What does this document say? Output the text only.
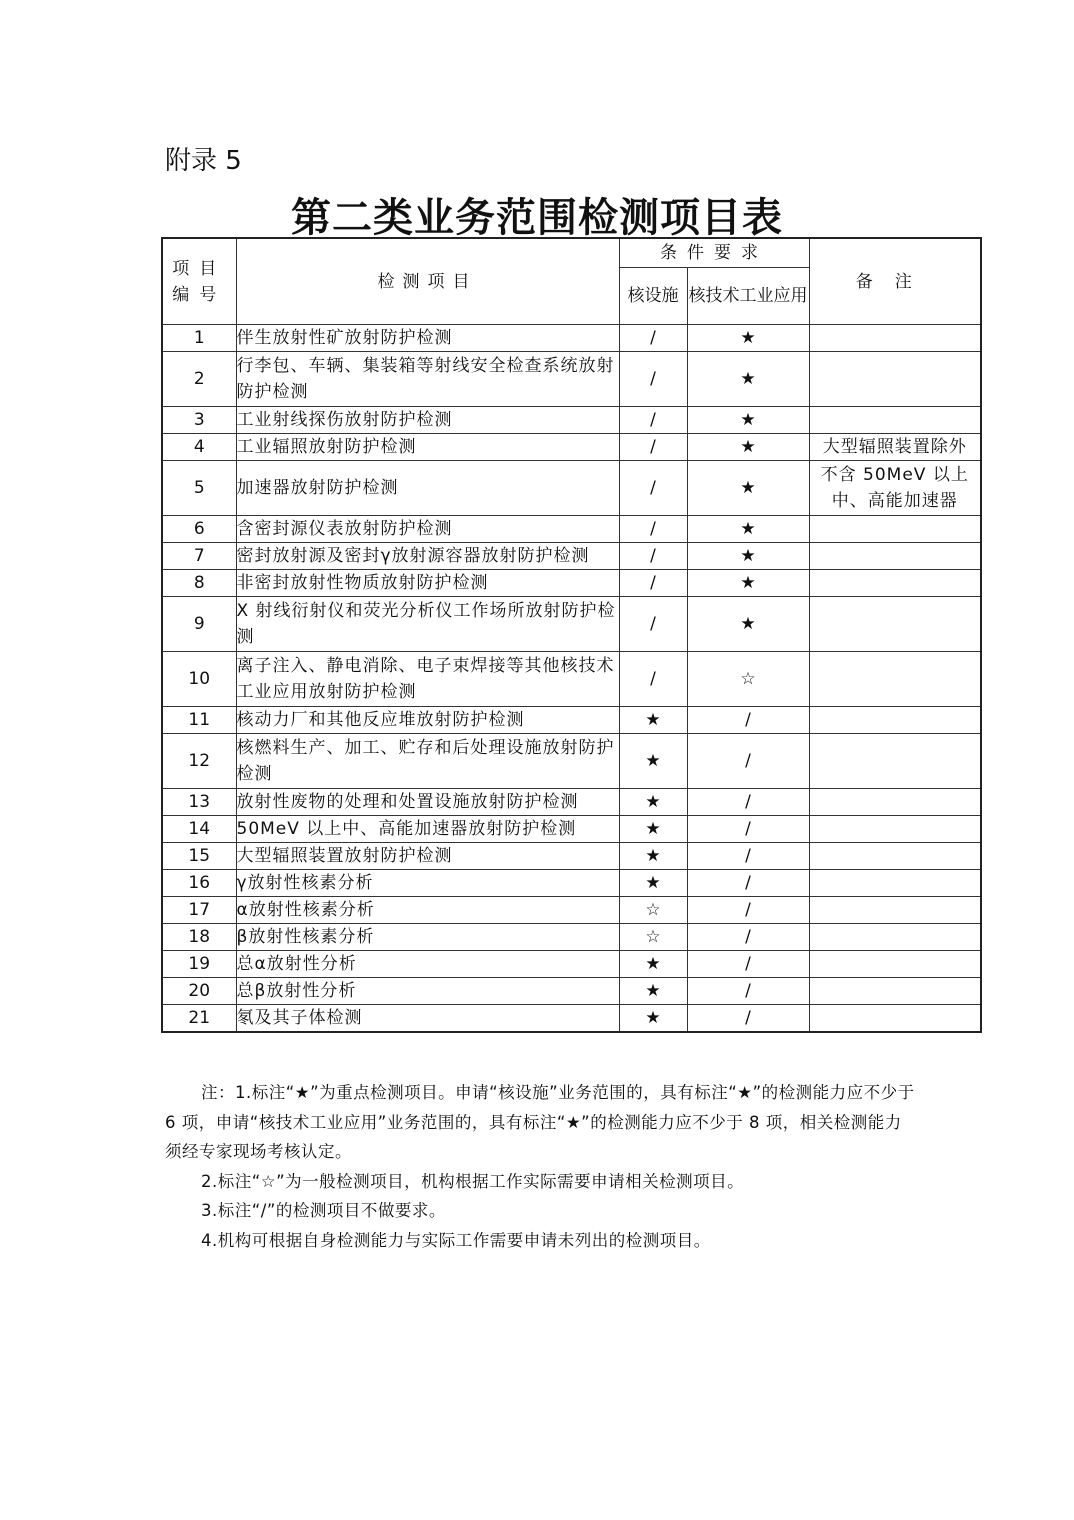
附录 5
第二类业务范围检测项目表
项目
编号	检测项目	条件要求		备注
		核设施	核技术工业应用	
1	伴生放射性矿放射防护检测	/	★	
2	行李包、车辆、集装箱等射线安全检查系统放射防护检测	/	★	
3	工业射线探伤放射防护检测	/	★	
4	工业辐照放射防护检测	/	★	大型辐照装置除外
5	加速器放射防护检测	/	★	不含 50MeV 以上中、高能加速器
6	含密封源仪表放射防护检测	/	★	
7	密封放射源及密封γ放射源容器放射防护检测	/	★	
8	非密封放射性物质放射防护检测	/	★	
9	X 射线衍射仪和荧光分析仪工作场所放射防护检测	/	★	
10	离子注入、静电消除、电子束焊接等其他核技术工业应用放射防护检测	/	☆	
11	核动力厂和其他反应堆放射防护检测	★	/	
12	核燃料生产、加工、贮存和后处理设施放射防护检测	★	/	
13	放射性废物的处理和处置设施放射防护检测	★	/	
14	50MeV 以上中、高能加速器放射防护检测	★	/	
15	大型辐照装置放射防护检测	★	/	
16	γ放射性核素分析	★	/	
17	α放射性核素分析	☆	/	
18	β放射性核素分析	☆	/	
19	总α放射性分析	★	/	
20	总β放射性分析	★	/	
21	氡及其子体检测	★	/	

注：1.标注“★”为重点检测项目。申请“核设施”业务范围的，具有标注“★”的检测能力应不少于 6 项，申请“核技术工业应用”业务范围的，具有标注“★”的检测能力应不少于 8 项，相关检测能力须经专家现场考核认定。

2.标注“☆”为一般检测项目，机构根据工作实际需要申请相关检测项目。

3.标注“/”的检测项目不做要求。

4.机构可根据自身检测能力与实际工作需要申请未列出的检测项目。
